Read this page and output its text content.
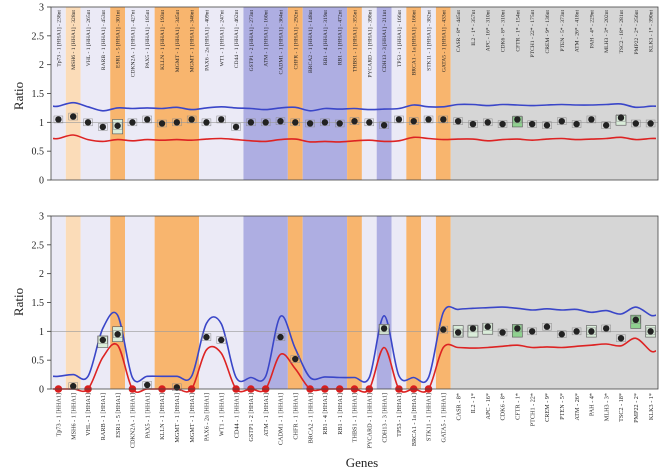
0
0.5
1
1.5
2
2.5
3
Tp73 - 1 [HHA1] - 238nt MSH6 - 1 [HHA1] - 328nt VHL - 1 [HHA1] - 265nt RARB - 1 [HHA1] - 453nt ESR1 - 5 [HHA1] - 301nt CDKN2A - 1 [HHA1] - 427nt PAX5 - 1 [HHA1] - 185nt KLLN - 1 [HHA1] - 193nt MGMT - 1 [HHA1] - 345nt MGMT - 1 [HHA1] - 346nt PAX6 - 2a [HHA1] - 409nt WT1 - 1 [HHA1] - 247nt CD44 - 1 [HHA1] - 462nt GSTP1 - 2 [HHA1] - 273nt ATM - 1 [HHA1] - 160nt CADM1 - 1 [HHA1] - 364nt CHFR - 1 [HHA1] - 292nt BRCA2 - 1 [HHA1] - 148nt RB1 - 4 [HHA1] - 319nt RB1 - 1 [HHA1] - 472nt THBS1 - 1 [HHA1] - 355nt PYCARD - 1 [HHA1] - 398nt CDH13 - 3 [HHA1] - 211nt TP53 - 1 [HHA1] - 166nt BRCA1 - 1a [HHA1] - 166nt STK11 - 1 [HHA1] - 382nt GATA5 - 1 [HHA1] - 433nt CASR - 8* - 445nt IL2 - 1* - 357nt APC - 16* - 310nt CDK6 - 8* - 310nt CFTR - 1* - 154nt PTCH1 - 22* - 175nt CREM - 9* - 136nt PTEN - 5* - 373nt ATM - 26* - 418nt PAH - 4* - 229nt MLH3 - 3* - 202nt TSC2 - 18* - 281nt PMP22 - 2* - 256nt KLK3 - 1* - 390nt
0
0.5
1
1.5
2
2.5
3
Tp73 - 1 [HHA1] MSH6 - 1 [HHA1] VHL - 1 [HHA1] RARB - 1 [HHA1] ESR1 - 5 [HHA1] CDKN2A - 1 [HHA1] PAX5 - 1 [HHA1] KLLN - 1 [HHA1] MGMT - 1 [HHA1] MGMT - 1 [HHA1] PAX6 - 2a [HHA1] WT1 - 1 [HHA1] CD44 - 1 [HHA1] GSTP1 - 2 [HHA1] ATM - 1 [HHA1] CADM1 - 1 [HHA1] CHFR - 1 [HHA1] BRCA2 - 1 [HHA1] RB1 - 4 [HHA1] RB1 - 1 [HHA1] THBS1 - 1 [HHA1] PYCARD - 1 [HHA1] CDH13 - 3 [HHA1] TP53 - 1 [HHA1] BRCA1 - 1a [HHA1] STK11 - 1 [HHA1] GATA5 - 1 [HHA1] CASR - 8* IL2 - 1* APC - 16* CDK6 - 8* CFTR - 1* PTCH1 - 22* CREM - 9* PTEN - 5* ATM - 26* PAH - 4* MLH3 - 3* TSC2 - 18* PMP22 - 2* KLK3 - 1*
Ratio
Ratio
Genes
